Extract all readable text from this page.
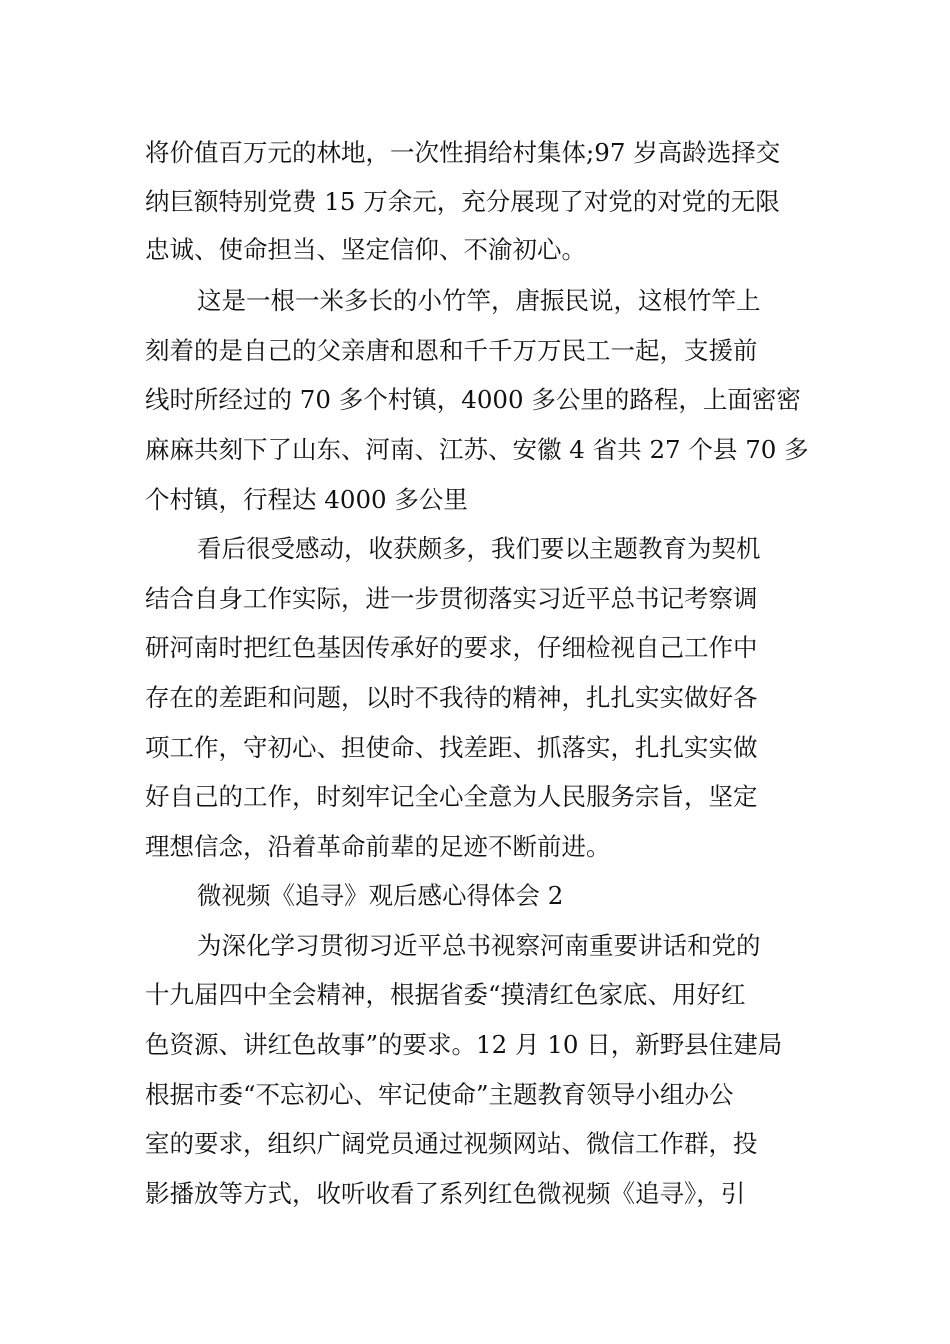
将价值百万元的林地，一次性捐给村集体;97 岁高龄选择交
纳巨额特别党费 15 万余元，充分展现了对党的对党的无限
忠诚、使命担当、坚定信仰、不渝初心。
这是一根一米多长的小竹竿，唐振民说，这根竹竿上
刻着的是自己的父亲唐和恩和千千万万民工一起，支援前
线时所经过的 70 多个村镇，4000 多公里的路程，上面密密
麻麻共刻下了山东、河南、江苏、安徽 4 省共 27 个县 70 多
个村镇，行程达 4000 多公里
看后很受感动，收获颇多，我们要以主题教育为契机
结合自身工作实际，进一步贯彻落实习近平总书记考察调
研河南时把红色基因传承好的要求，仔细检视自己工作中
存在的差距和问题，以时不我待的精神，扎扎实实做好各
项工作，守初心、担使命、找差距、抓落实，扎扎实实做
好自己的工作，时刻牢记全心全意为人民服务宗旨，坚定
理想信念，沿着革命前辈的足迹不断前进。
微视频《追寻》观后感心得体会 2
为深化学习贯彻习近平总书视察河南重要讲话和党的
十九届四中全会精神，根据省委“摸清红色家底、用好红
色资源、讲红色故事”的要求。12 月 10 日，新野县住建局
根据市委“不忘初心、牢记使命”主题教育领导小组办公
室的要求，组织广阔党员通过视频网站、微信工作群，投
影播放等方式，收听收看了系列红色微视频《追寻》，引
